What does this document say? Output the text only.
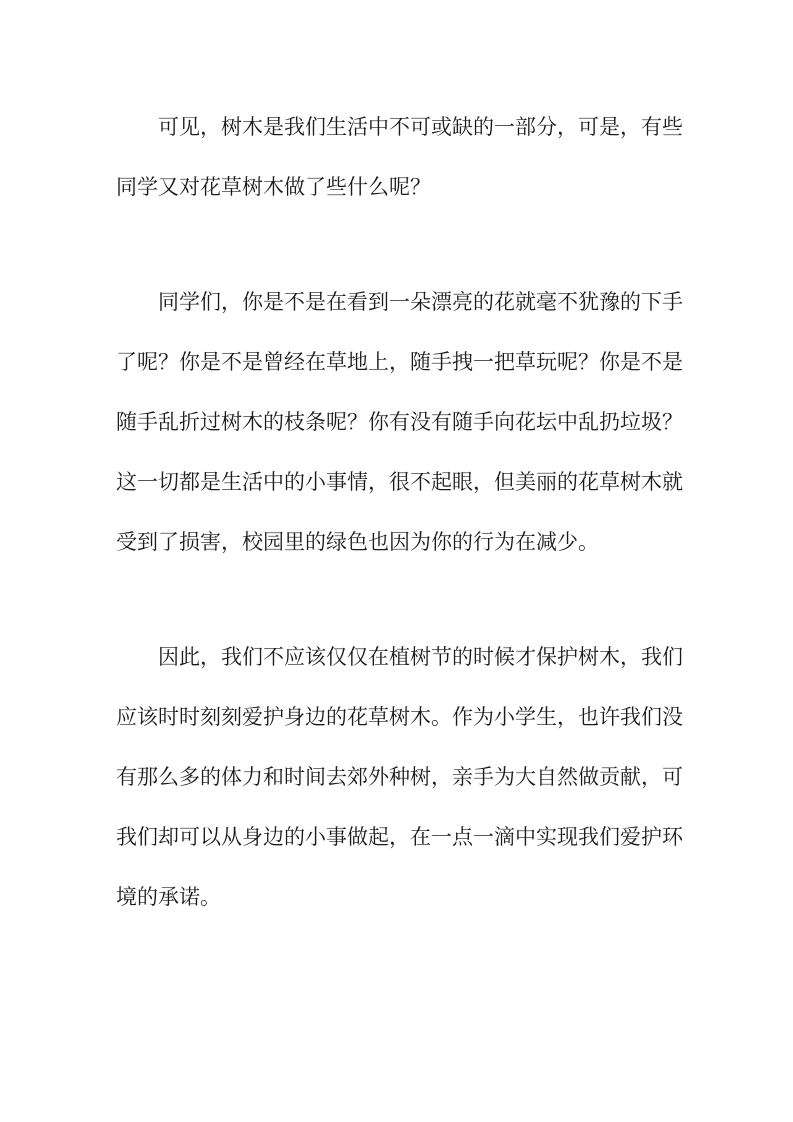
可见，树木是我们生活中不可或缺的一部分，可是，有些
同学又对花草树木做了些什么呢？
同学们，你是不是在看到一朵漂亮的花就毫不犹豫的下手
了呢？你是不是曾经在草地上，随手拽一把草玩呢？你是不是
随手乱折过树木的枝条呢？你有没有随手向花坛中乱扔垃圾？
这一切都是生活中的小事情，很不起眼，但美丽的花草树木就
受到了损害，校园里的绿色也因为你的行为在减少。
因此，我们不应该仅仅在植树节的时候才保护树木，我们
应该时时刻刻爱护身边的花草树木。作为小学生，也许我们没
有那么多的体力和时间去郊外种树，亲手为大自然做贡献，可
我们却可以从身边的小事做起，在一点一滴中实现我们爱护环
境的承诺。
